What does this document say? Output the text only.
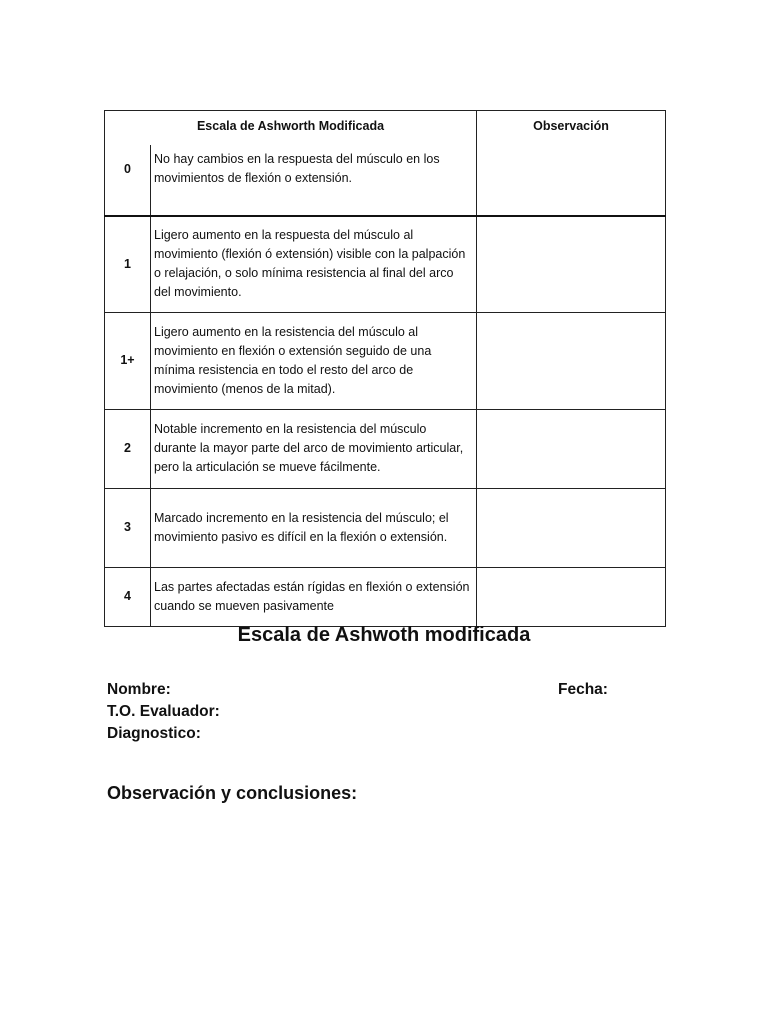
Escala de Ashworth Modificada		Observación
0	No hay cambios en la respuesta del músculo en los movimientos de flexión o extensión.	
1	Ligero aumento en la respuesta del músculo al movimiento (flexión ó extensión) visible con la palpación o relajación, o solo mínima resistencia al final del arco del movimiento.	
1+	Ligero aumento en la resistencia del músculo al movimiento en flexión o extensión seguido de una mínima resistencia en todo el resto del arco de movimiento (menos de la mitad).	
2	Notable incremento en la resistencia del músculo durante la mayor parte del arco de movimiento articular, pero la articulación se mueve fácilmente.	
3	Marcado incremento en la resistencia del músculo; el movimiento pasivo es difícil en la flexión o extensión.	
4	Las partes afectadas están rígidas en flexión o extensión cuando se mueven pasivamente	
Escala de Ashwoth modificada
Nombre:	Fecha:
T.O. Evaluador:
Diagnostico:
Observación y conclusiones:
